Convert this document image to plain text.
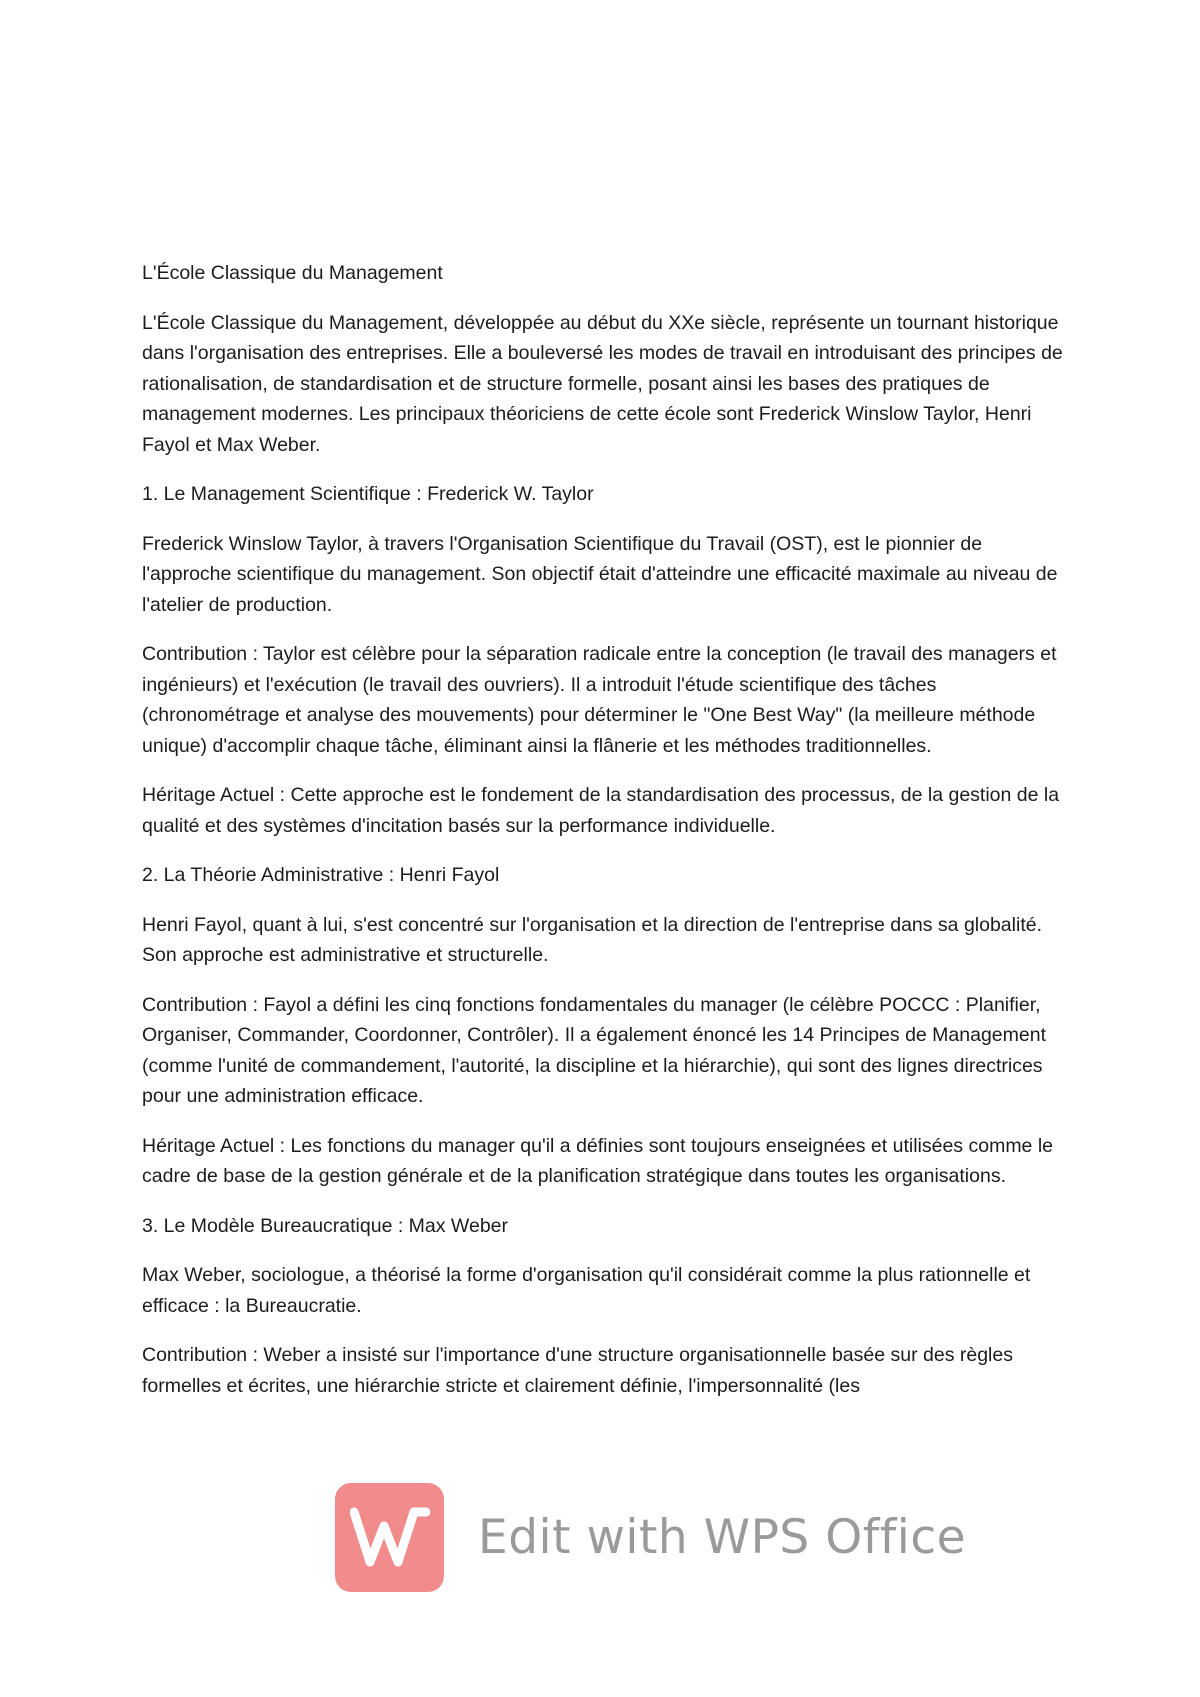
L'École Classique du Management

L'École Classique du Management, développée au début du XXe siècle, représente un tournant historique dans l'organisation des entreprises. Elle a bouleversé les modes de travail en introduisant des principes de rationalisation, de standardisation et de structure formelle, posant ainsi les bases des pratiques de management modernes. Les principaux théoriciens de cette école sont Frederick Winslow Taylor, Henri Fayol et Max Weber.

1. Le Management Scientifique : Frederick W. Taylor

Frederick Winslow Taylor, à travers l'Organisation Scientifique du Travail (OST), est le pionnier de l'approche scientifique du management. Son objectif était d'atteindre une efficacité maximale au niveau de l'atelier de production.

Contribution : Taylor est célèbre pour la séparation radicale entre la conception (le travail des managers et ingénieurs) et l'exécution (le travail des ouvriers). Il a introduit l'étude scientifique des tâches (chronométrage et analyse des mouvements) pour déterminer le "One Best Way" (la meilleure méthode unique) d'accomplir chaque tâche, éliminant ainsi la flânerie et les méthodes traditionnelles.

Héritage Actuel : Cette approche est le fondement de la standardisation des processus, de la gestion de la qualité et des systèmes d'incitation basés sur la performance individuelle.

2. La Théorie Administrative : Henri Fayol

Henri Fayol, quant à lui, s'est concentré sur l'organisation et la direction de l'entreprise dans sa globalité. Son approche est administrative et structurelle.

Contribution : Fayol a défini les cinq fonctions fondamentales du manager (le célèbre POCCC : Planifier, Organiser, Commander, Coordonner, Contrôler). Il a également énoncé les 14 Principes de Management (comme l'unité de commandement, l'autorité, la discipline et la hiérarchie), qui sont des lignes directrices pour une administration efficace.

Héritage Actuel : Les fonctions du manager qu'il a définies sont toujours enseignées et utilisées comme le cadre de base de la gestion générale et de la planification stratégique dans toutes les organisations.

3. Le Modèle Bureaucratique : Max Weber

Max Weber, sociologue, a théorisé la forme d'organisation qu'il considérait comme la plus rationnelle et efficace : la Bureaucratie.

Contribution : Weber a insisté sur l'importance d'une structure organisationnelle basée sur des règles formelles et écrites, une hiérarchie stricte et clairement définie, l'impersonnalité (les

Edit with WPS Office
